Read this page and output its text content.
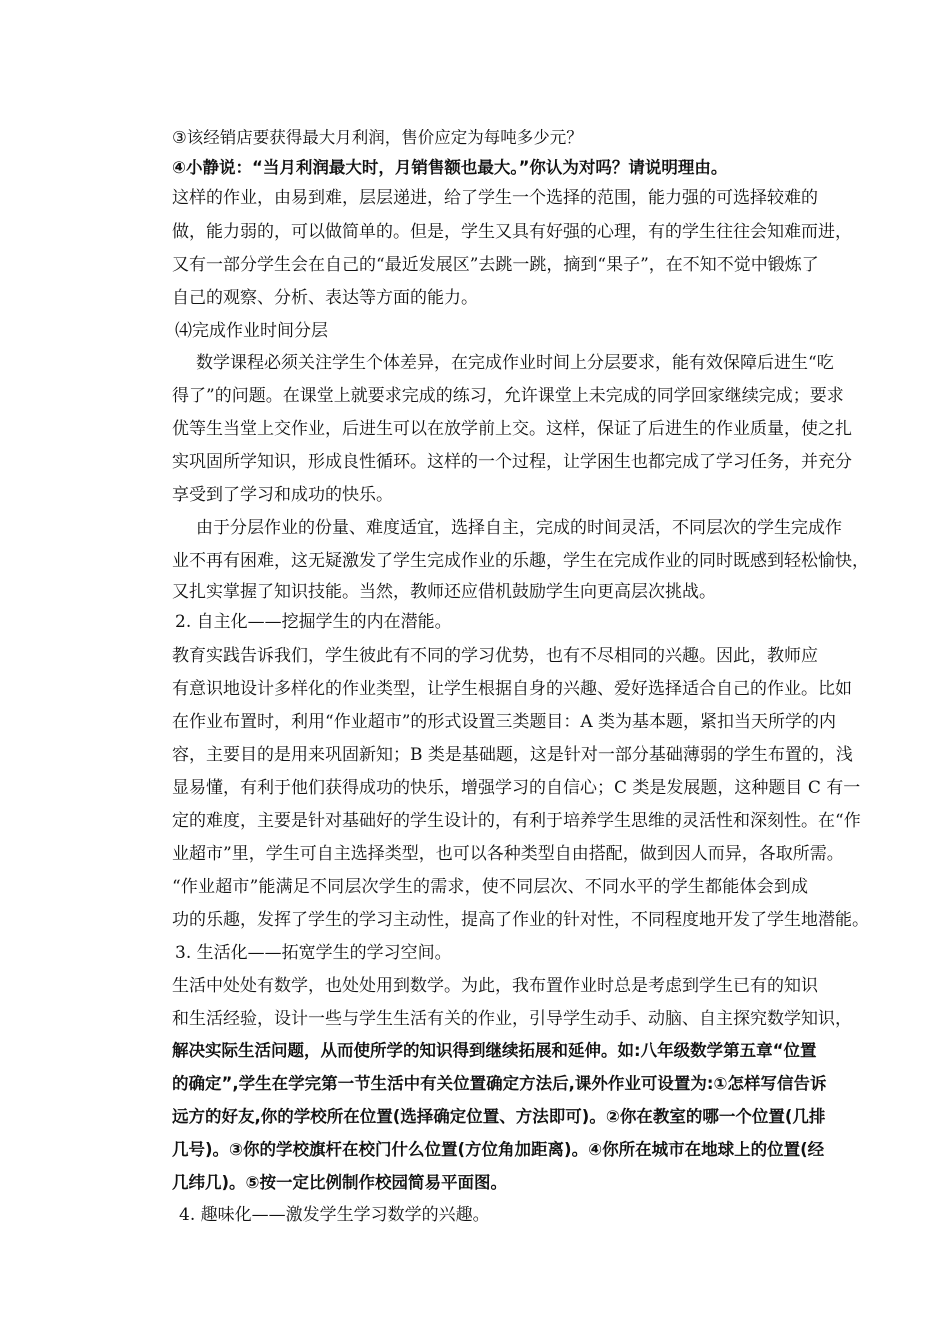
③该经销店要获得最大月利润，售价应定为每吨多少元？
④小静说：“当月利润最大时，月销售额也最大。”你认为对吗？请说明理由。
这样的作业，由易到难，层层递进，给了学生一个选择的范围，能力强的可选择较难的
做，能力弱的，可以做简单的。但是，学生又具有好强的心理，有的学生往往会知难而进，
又有一部分学生会在自己的“最近发展区”去跳一跳，摘到“果子”，在不知不觉中锻炼了
自己的观察、分析、表达等方面的能力。
⑷完成作业时间分层
数学课程必须关注学生个体差异，在完成作业时间上分层要求，能有效保障后进生“吃
得了”的问题。在课堂上就要求完成的练习，允许课堂上未完成的同学回家继续完成；要求
优等生当堂上交作业，后进生可以在放学前上交。这样，保证了后进生的作业质量，使之扎
实巩固所学知识，形成良性循环。这样的一个过程，让学困生也都完成了学习任务，并充分
享受到了学习和成功的快乐。
由于分层作业的份量、难度适宜，选择自主，完成的时间灵活，不同层次的学生完成作
业不再有困难，这无疑激发了学生完成作业的乐趣，学生在完成作业的同时既感到轻松愉快，
又扎实掌握了知识技能。当然，教师还应借机鼓励学生向更高层次挑战。
2. 自主化——挖掘学生的内在潜能。
教育实践告诉我们，学生彼此有不同的学习优势，也有不尽相同的兴趣。因此，教师应
有意识地设计多样化的作业类型，让学生根据自身的兴趣、爱好选择适合自己的作业。比如
在作业布置时，利用“作业超市”的形式设置三类题目：A 类为基本题，紧扣当天所学的内
容，主要目的是用来巩固新知；B 类是基础题，这是针对一部分基础薄弱的学生布置的，浅
显易懂，有利于他们获得成功的快乐，增强学习的自信心；C 类是发展题，这种题目 C 有一
定的难度，主要是针对基础好的学生设计的，有利于培养学生思维的灵活性和深刻性。在“作
业超市”里，学生可自主选择类型，也可以各种类型自由搭配，做到因人而异，各取所需。
“作业超市”能满足不同层次学生的需求，使不同层次、不同水平的学生都能体会到成
功的乐趣，发挥了学生的学习主动性，提高了作业的针对性，不同程度地开发了学生地潜能。
3. 生活化——拓宽学生的学习空间。
生活中处处有数学，也处处用到数学。为此，我布置作业时总是考虑到学生已有的知识
和生活经验，设计一些与学生生活有关的作业，引导学生动手、动脑、自主探究数学知识，
解决实际生活问题，从而使所学的知识得到继续拓展和延伸。如:八年级数学第五章“位置
的确定”,学生在学完第一节生活中有关位置确定方法后,课外作业可设置为:①怎样写信告诉
远方的好友,你的学校所在位置(选择确定位置、方法即可)。②你在教室的哪一个位置(几排
几号)。③你的学校旗杆在校门什么位置(方位角加距离)。④你所在城市在地球上的位置(经
几纬几)。⑤按一定比例制作校园简易平面图。
4. 趣味化——激发学生学习数学的兴趣。
